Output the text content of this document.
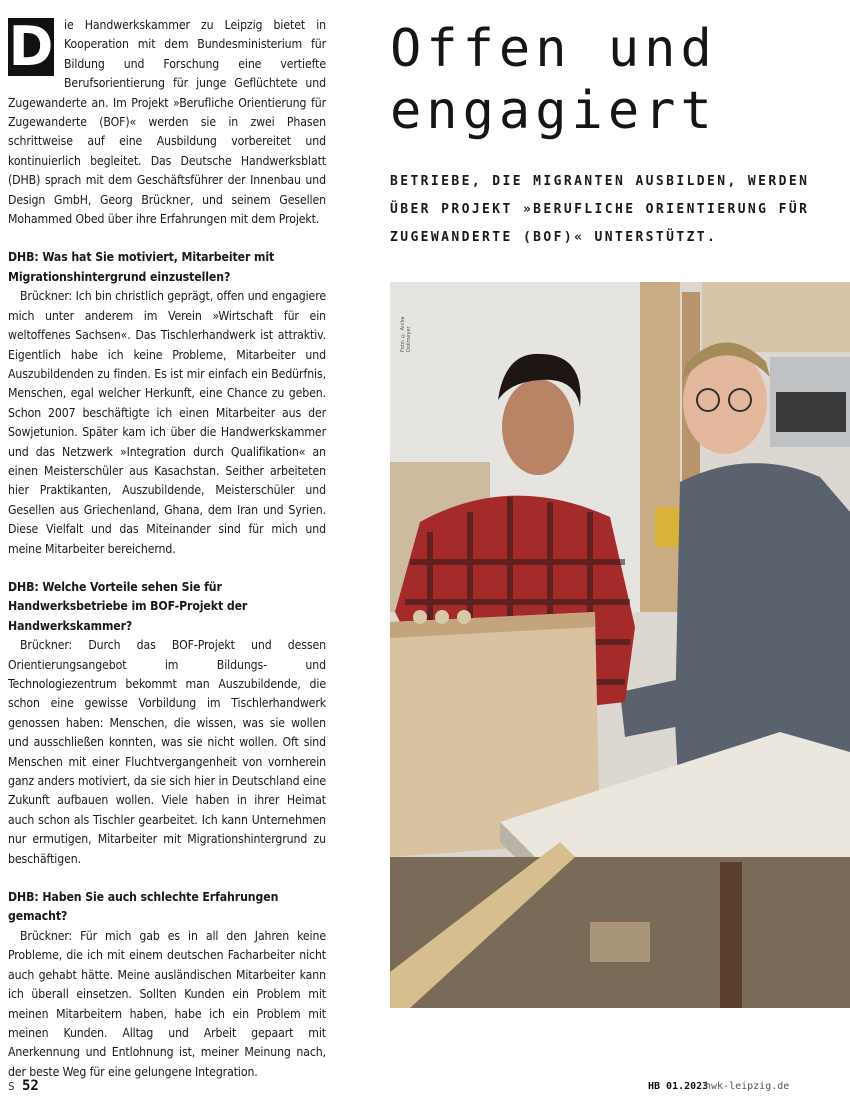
D ie Handwerkskammer zu Leipzig bietet in Kooperation mit dem Bundesministerium für Bildung und Forschung eine vertiefte Berufsorientierung für junge Geflüchtete und Zugewanderte an. Im Projekt »Berufliche Orientierung für Zugewanderte (BOF)« werden sie in zwei Phasen schrittweise auf eine Ausbildung vorbereitet und kontinuierlich begleitet. Das Deutsche Handwerksblatt (DHB) sprach mit dem Geschäftsführer der Innenbau und Design GmbH, Georg Brückner, und seinem Gesellen Mohammed Obed über ihre Erfahrungen mit dem Projekt.

DHB: Was hat Sie motiviert, Mitarbeiter mit Migrationshintergrund einzustellen?

Brückner: Ich bin christlich geprägt, offen und engagiere mich unter anderem im Verein »Wirtschaft für ein weltoffenes Sachsen«. Das Tischlerhandwerk ist attraktiv. Eigentlich habe ich keine Probleme, Mitarbeiter und Auszubildenden zu finden. Es ist mir einfach ein Bedürfnis, Menschen, egal welcher Herkunft, eine Chance zu geben. Schon 2007 beschäftigte ich einen Mitarbeiter aus der Sowjetunion. Später kam ich über die Handwerkskammer und das Netzwerk »Integration durch Qualifikation« an einen Meisterschüler aus Kasachstan. Seither arbeiteten hier Praktikanten, Auszubildende, Meisterschüler und Gesellen aus Griechenland, Ghana, dem Iran und Syrien. Diese Vielfalt und das Miteinander sind für mich und meine Mitarbeiter bereichernd.

DHB: Welche Vorteile sehen Sie für Handwerksbetriebe im BOF-Projekt der Handwerkskammer?

Brückner: Durch das BOF-Projekt und dessen Orientierungsangebot im Bildungs- und Technologiezentrum bekommt man Auszubildende, die schon eine gewisse Vorbildung im Tischlerhandwerk genossen haben: Menschen, die wissen, was sie wollen und ausschließen konnten, was sie nicht wollen. Oft sind Menschen mit einer Fluchtvergangenheit von vornherein ganz anders motiviert, da sie sich hier in Deutschland eine Zukunft aufbauen wollen. Viele haben in ihrer Heimat auch schon als Tischler gearbeitet. Ich kann Unternehmen nur ermutigen, Mitarbeiter mit Migrationshintergrund zu beschäftigen.

DHB: Haben Sie auch schlechte Erfahrungen gemacht?

Brückner: Für mich gab es in all den Jahren keine Probleme, die ich mit einem deutschen Facharbeiter nicht auch gehabt hätte. Meine ausländischen Mitarbeiter kann ich überall einsetzen. Sollten Kunden ein Problem mit meinen Mitarbeitern haben, habe ich ein Problem mit meinen Kunden. Alltag und Arbeit gepaart mit Anerkennung und Entlohnung ist, meiner Meinung nach, der beste Weg für eine gelungene Integration.

Offen und
engagiert

BETRIEBE, DIE MIGRANTEN AUSBILDEN, WERDEN ÜBER PROJEKT »BERUFLICHE ORIENTIERUNG FÜR ZUGEWANDERTE (BOF)« UNTERSTÜTZT.

Foto: © Anika Dollmeyer
S 52	HB 01.2023
hwk-leipzig.de
